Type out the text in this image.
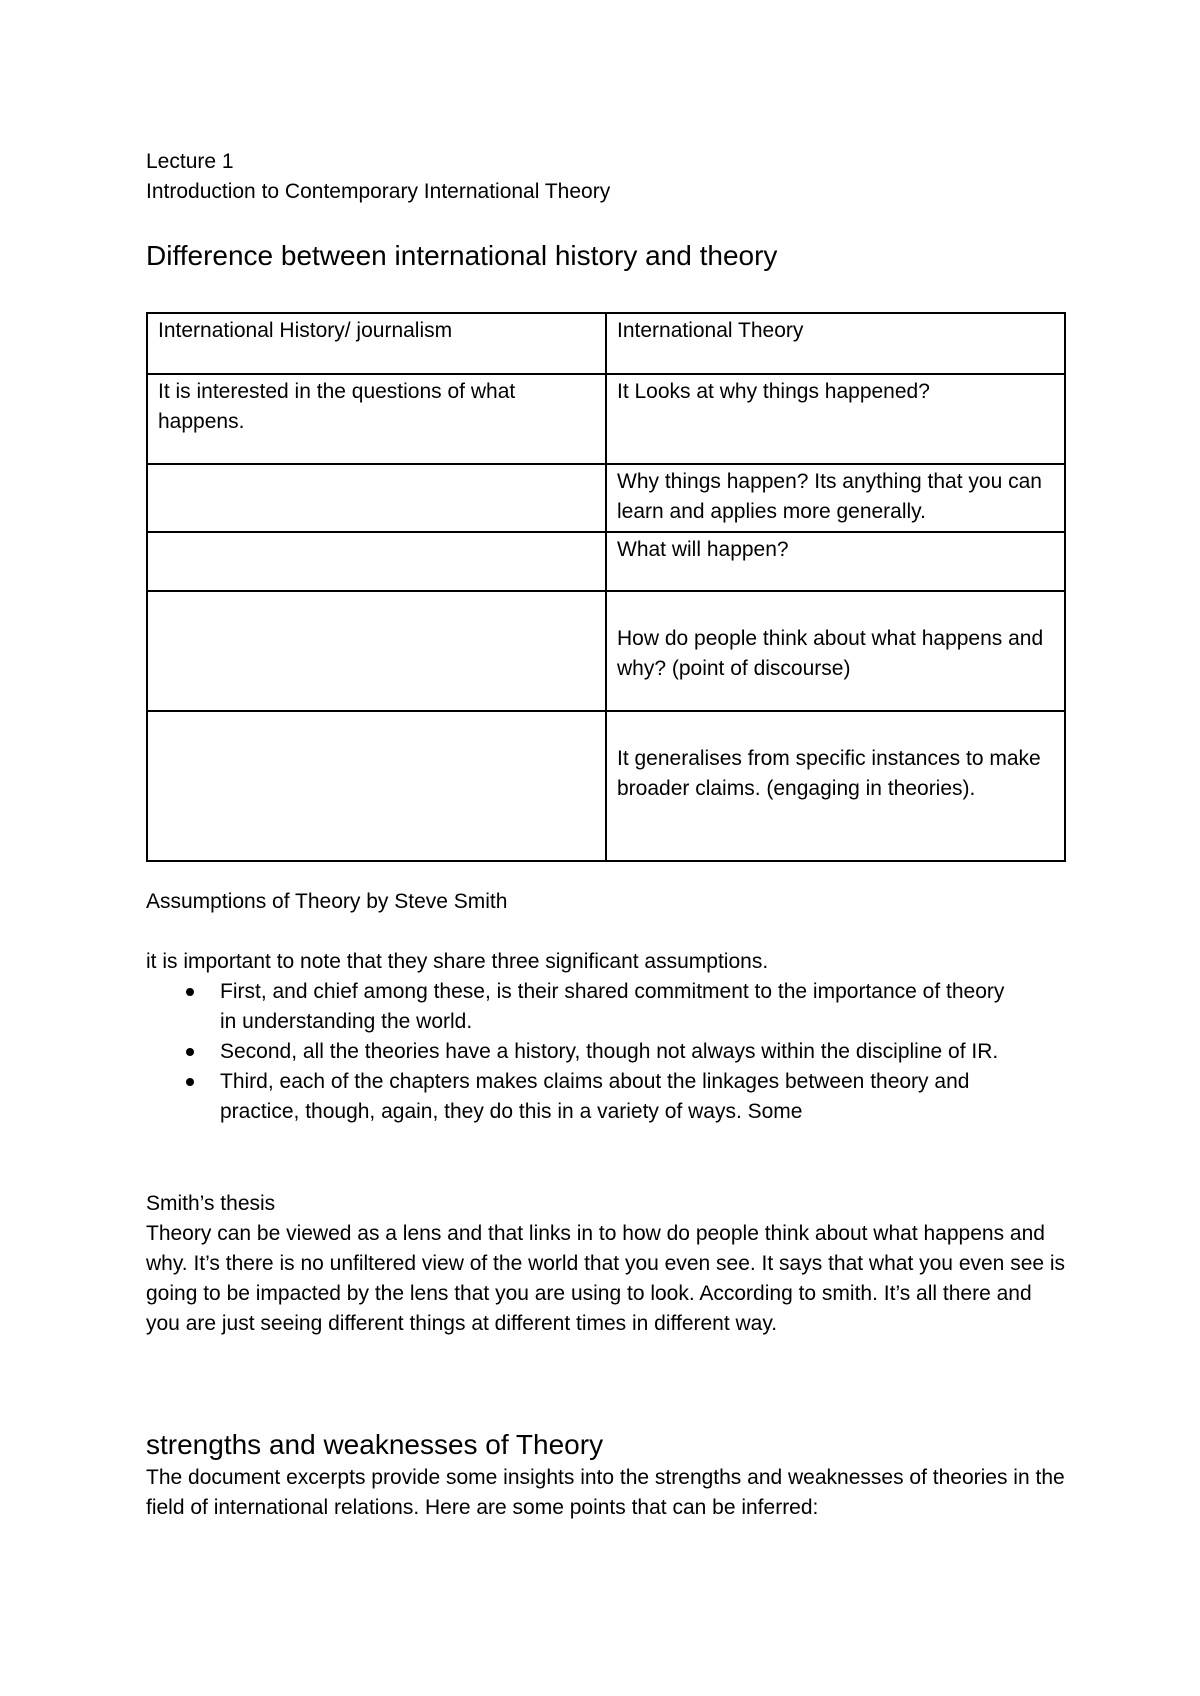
Lecture 1
Introduction to Contemporary International Theory
Difference between international history and theory
International History/ journalism	International Theory
It is interested in the questions of what happens.	It Looks at why things happened?
	Why things happen? Its anything that you can learn and applies more generally.
	What will happen?
	How do people think about what happens and why? (point of discourse)
	It generalises from specific instances to make broader claims. (engaging in theories).
Assumptions of Theory by Steve Smith
it is important to note that they share three significant assumptions.
First, and chief among these, is their shared commitment to the importance of theory in understanding the world.
Second, all the theories have a history, though not always within the discipline of IR.
Third, each of the chapters makes claims about the linkages between theory and practice, though, again, they do this in a variety of ways. Some
Smith’s thesis
Theory can be viewed as a lens and that links in to how do people think about what happens and why. It’s there is no unfiltered view of the world that you even see. It says that what you even see is going to be impacted by the lens that you are using to look. According to smith. It’s all there and you are just seeing different things at different times in different way.
strengths and weaknesses of Theory
The document excerpts provide some insights into the strengths and weaknesses of theories in the field of international relations. Here are some points that can be inferred:
